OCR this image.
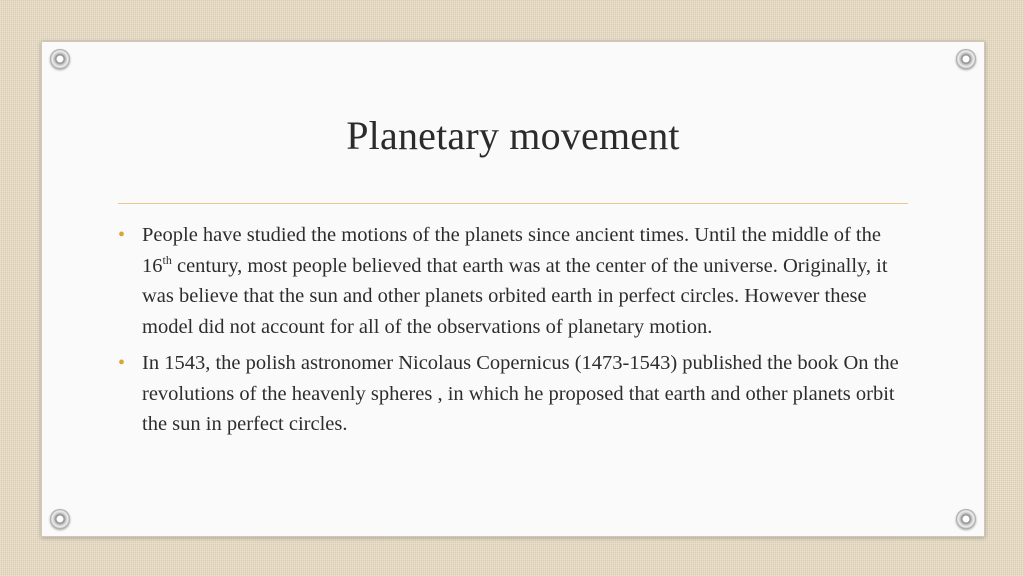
Planetary movement
• People have studied the motions of the planets since ancient times. Until the middle of the 16th century, most people believed that earth was at the center of the universe. Originally, it was believe that the sun and other planets orbited earth in perfect circles. However these model did not account for all of the observations of planetary motion.
• In 1543, the polish astronomer Nicolaus Copernicus (1473-1543) published the book On the revolutions of the heavenly spheres , in which he proposed that earth and other planets orbit the sun in perfect circles.
